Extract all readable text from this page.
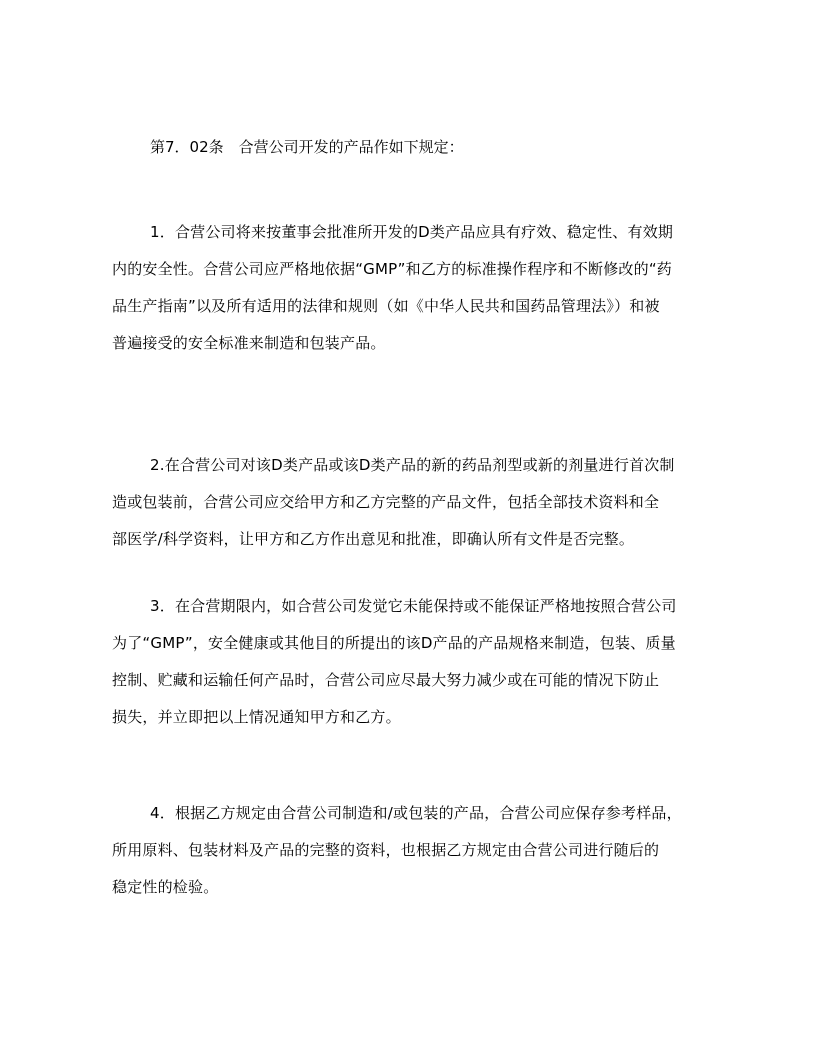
第7．02条　合营公司开发的产品作如下规定：
1．合营公司将来按董事会批准所开发的D类产品应具有疗效、稳定性、有效期
内的安全性。合营公司应严格地依据“GMP”和乙方的标准操作程序和不断修改的“药
品生产指南”以及所有适用的法律和规则（如《中华人民共和国药品管理法》）和被
普遍接受的安全标准来制造和包装产品。
2.在合营公司对该D类产品或该D类产品的新的药品剂型或新的剂量进行首次制
造或包装前，合营公司应交给甲方和乙方完整的产品文件，包括全部技术资料和全
部医学/科学资料，让甲方和乙方作出意见和批准，即确认所有文件是否完整。
3．在合营期限内，如合营公司发觉它未能保持或不能保证严格地按照合营公司
为了“GMP”，安全健康或其他目的所提出的该D产品的产品规格来制造，包装、质量
控制、贮藏和运输任何产品时，合营公司应尽最大努力减少或在可能的情况下防止
损失，并立即把以上情况通知甲方和乙方。
4．根据乙方规定由合营公司制造和/或包装的产品，合营公司应保存参考样品，
所用原料、包装材料及产品的完整的资料，也根据乙方规定由合营公司进行随后的
稳定性的检验。
